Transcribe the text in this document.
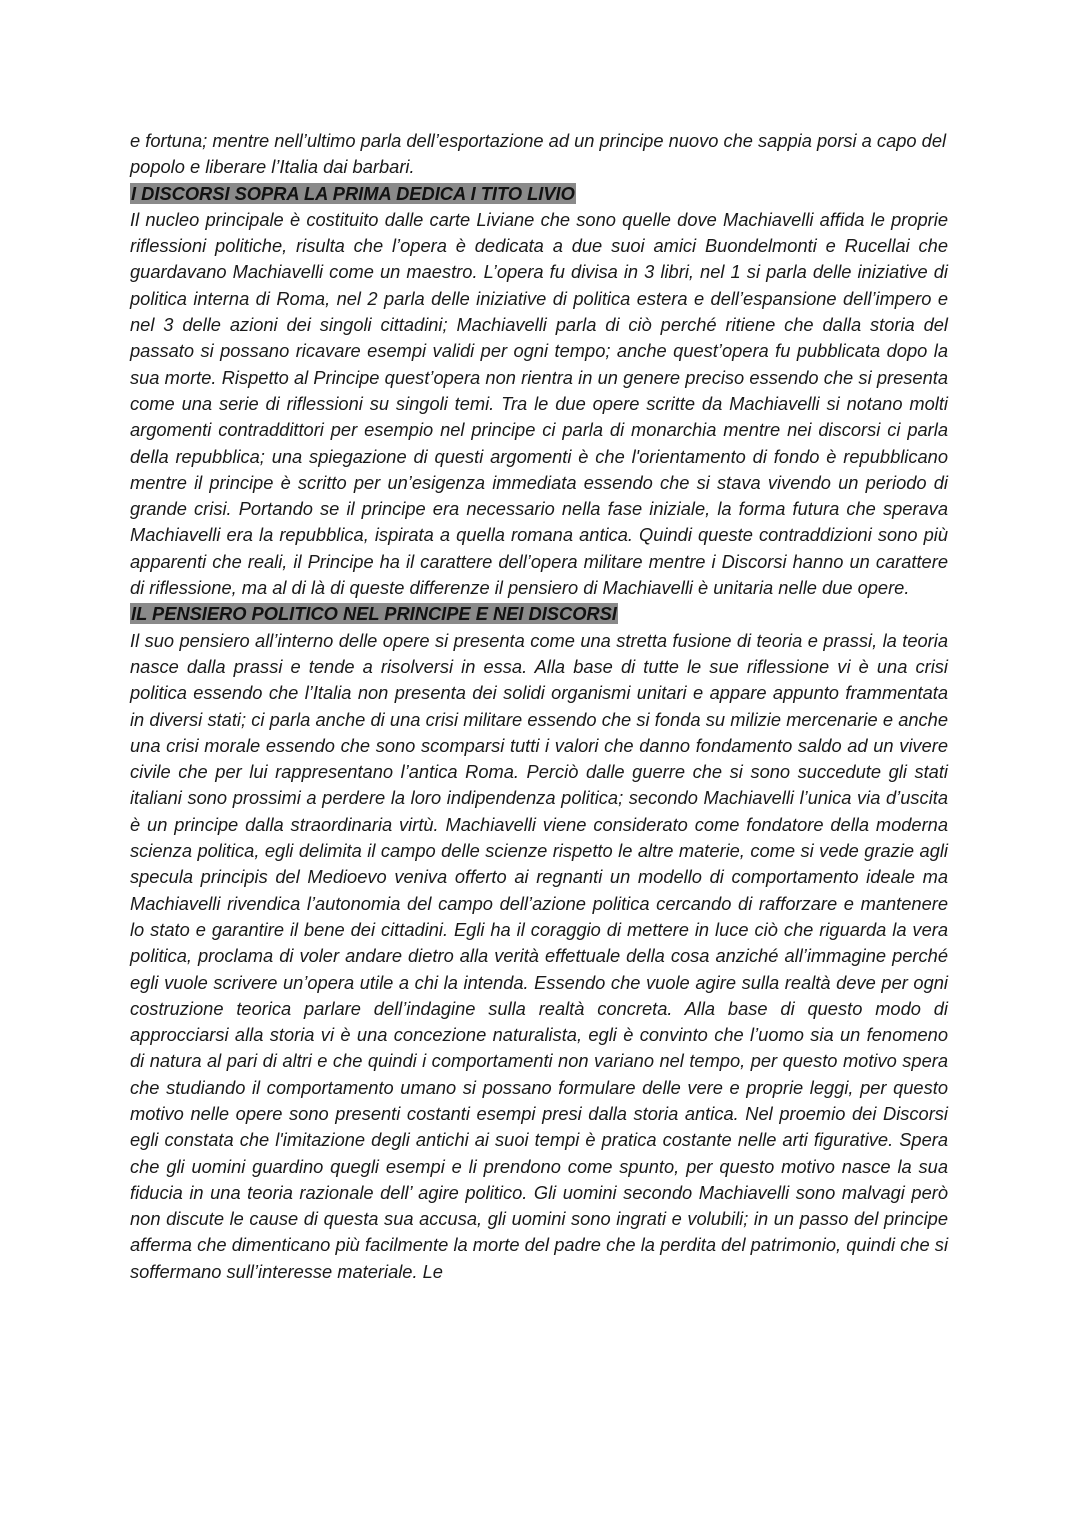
e fortuna; mentre nell’ultimo parla dell’esportazione ad un principe nuovo che sappia porsi a capo del popolo e liberare l’Italia dai barbari.

I DISCORSI SOPRA LA PRIMA DEDICA I TITO LIVIO

Il nucleo principale è costituito dalle carte Liviane che sono quelle dove Machiavelli affida le proprie riflessioni politiche, risulta che l’opera è dedicata a due suoi amici Buondelmonti e Rucellai che guardavano Machiavelli come un maestro. L’opera fu divisa in 3 libri, nel 1 si parla delle iniziative di politica interna di Roma, nel 2 parla delle iniziative di politica estera e dell’espansione dell’impero e nel 3 delle azioni dei singoli cittadini; Machiavelli parla di ciò perché ritiene che dalla storia del passato si possano ricavare esempi validi per ogni tempo; anche quest’opera fu pubblicata dopo la sua morte. Rispetto al Principe quest’opera non rientra in un genere preciso essendo che si presenta come una serie di riflessioni su singoli temi. Tra le due opere scritte da Machiavelli si notano molti argomenti contraddittori per esempio nel principe ci parla di monarchia mentre nei discorsi ci parla della repubblica; una spiegazione di questi argomenti è che l'orientamento di fondo è repubblicano mentre il principe è scritto per un’esigenza immediata essendo che si stava vivendo un periodo di grande crisi. Portando se il principe era necessario nella fase iniziale, la forma futura che sperava Machiavelli era la repubblica, ispirata a quella romana antica. Quindi queste contraddizioni sono più apparenti che reali, il Principe ha il carattere dell’opera militare mentre i Discorsi hanno un carattere di riflessione, ma al di là di queste differenze il pensiero di Machiavelli è unitaria nelle due opere.

IL PENSIERO POLITICO NEL PRINCIPE E NEI DISCORSI

Il suo pensiero all’interno delle opere si presenta come una stretta fusione di teoria e prassi, la teoria nasce dalla prassi e tende a risolversi in essa. Alla base di tutte le sue riflessione vi è una crisi politica essendo che l’Italia non presenta dei solidi organismi unitari e appare appunto frammentata in diversi stati; ci parla anche di una crisi militare essendo che si fonda su milizie mercenarie e anche una crisi morale essendo che sono scomparsi tutti i valori che danno fondamento saldo ad un vivere civile che per lui rappresentano l’antica Roma. Perciò dalle guerre che si sono succedute gli stati italiani sono prossimi a perdere la loro indipendenza politica; secondo Machiavelli l’unica via d’uscita è un principe dalla straordinaria virtù. Machiavelli viene considerato come fondatore della moderna scienza politica, egli delimita il campo delle scienze rispetto le altre materie, come si vede grazie agli specula principis del Medioevo veniva offerto ai regnanti un modello di comportamento ideale ma Machiavelli rivendica l’autonomia del campo dell’azione politica cercando di rafforzare e mantenere lo stato e garantire il bene dei cittadini. Egli ha il coraggio di mettere in luce ciò che riguarda la vera politica, proclama di voler andare dietro alla verità effettuale della cosa anziché all’immagine perché egli vuole scrivere un’opera utile a chi la intenda. Essendo che vuole agire sulla realtà deve per ogni costruzione teorica parlare dell’indagine sulla realtà concreta. Alla base di questo modo di approcciarsi alla storia vi è una concezione naturalista, egli è convinto che l’uomo sia un fenomeno di natura al pari di altri e che quindi i comportamenti non variano nel tempo, per questo motivo spera che studiando il comportamento umano si possano formulare delle vere e proprie leggi, per questo motivo nelle opere sono presenti costanti esempi presi dalla storia antica. Nel proemio dei Discorsi egli constata che l'imitazione degli antichi ai suoi tempi è pratica costante nelle arti figurative. Spera che gli uomini guardino quegli esempi e li prendono come spunto, per questo motivo nasce la sua fiducia in una teoria razionale dell’ agire politico. Gli uomini secondo Machiavelli sono malvagi però non discute le cause di questa sua accusa, gli uomini sono ingrati e volubili; in un passo del principe afferma che dimenticano più facilmente la morte del padre che la perdita del patrimonio, quindi che si soffermano sull’interesse materiale. Le
